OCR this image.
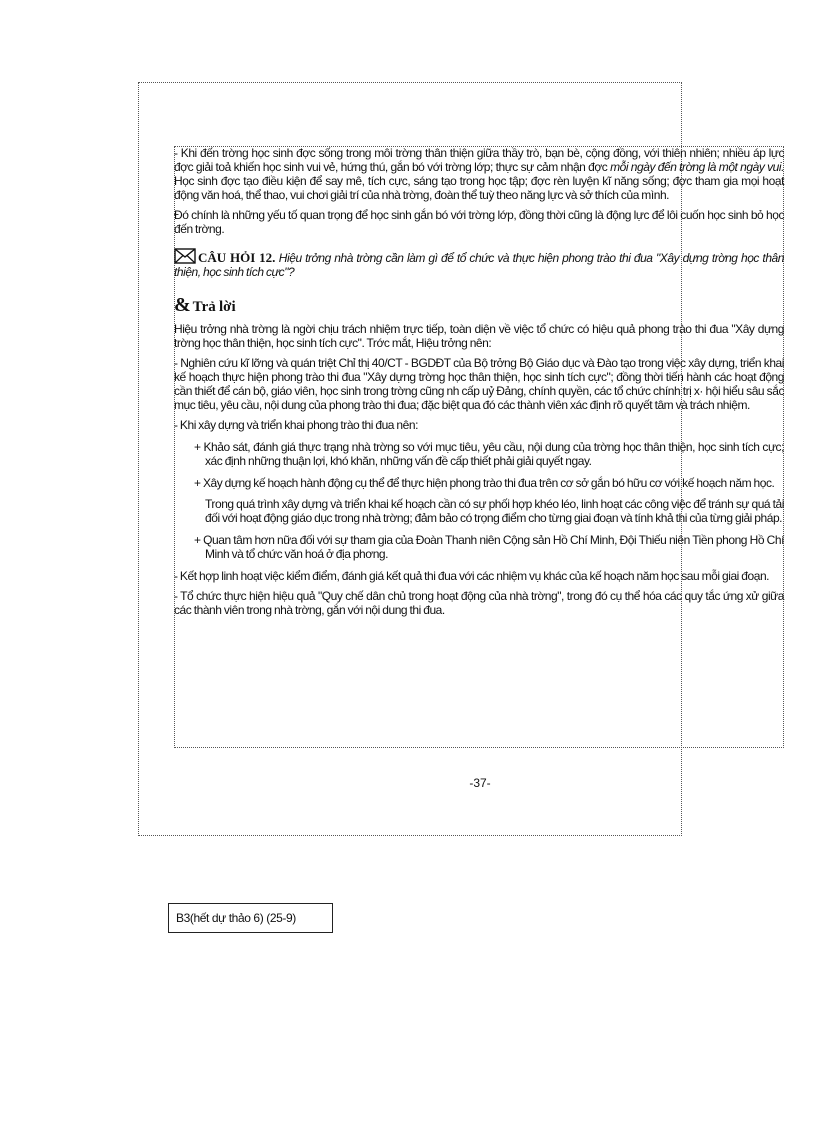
- Khi đến trờng học sinh đợc sống trong môi trờng thân thiện giữa thầy trò, bạn bè, cộng đồng, với thiên nhiên; nhiều áp lực đợc giải toả khiến học sinh vui vẻ, hứng thú, gắn bó với trờng lớp; thực sự cảm nhận đợc mỗi ngày đến trờng là một ngày vui. Học sinh đợc tạo điều kiện để say mê, tích cực, sáng tạo trong học tập; đợc rèn luyện kĩ năng sống; đợc tham gia mọi hoạt động văn hoá, thể thao, vui chơi giải trí của nhà trờng, đoàn thể tuỳ theo năng lực và sở thích của mình.

Đó chính là những yếu tố quan trọng để học sinh gắn bó với trờng lớp, đồng thời cũng là động lực để lôi cuốn học sinh bỏ học đến trờng.

CÂU HỎI 12. Hiệu trởng nhà trờng cần làm gì để tổ chức và thực hiện phong trào thi đua "Xây dựng trờng học thân thiện, học sinh tích cực"?
& Trả lời

Hiệu trởng nhà trờng là ngời chịu trách nhiệm trực tiếp, toàn diện về việc tổ chức có hiệu quả phong trào thi đua "Xây dựng trờng học thân thiện, học sinh tích cực". Trớc mắt, Hiệu trởng nên:

- Nghiên cứu kĩ lỡng và quán triệt Chỉ thị 40/CT - BGDĐT của Bộ trởng Bộ Giáo dục và Đào tạo trong việc xây dựng, triển khai kế hoạch thực hiện phong trào thi đua "Xây dựng trờng học thân thiện, học sinh tích cực"; đồng thời tiến hành các hoạt động cần thiết để cán bộ, giáo viên, học sinh trong trờng cũng nh cấp uỷ Đảng, chính quyền, các tổ chức chính trị x· hội hiểu sâu sắc mục tiêu, yêu cầu, nội dung của phong trào thi đua; đặc biệt qua đó các thành viên xác định rõ quyết tâm và trách nhiệm.

- Khi xây dựng và triển khai phong trào thi đua nên:

+ Khảo sát, đánh giá thực trạng nhà trờng so với mục tiêu, yêu cầu, nội dung của trờng học thân thiện, học sinh tích cực; xác định những thuận lợi, khó khăn, những vấn đề cấp thiết phải giải quyết ngay.

+ Xây dựng kế hoạch hành động cụ thể để thực hiện phong trào thi đua trên cơ sở gắn bó hữu cơ với kế hoạch năm học.

Trong quá trình xây dựng và triển khai kế hoạch cần có sự phối hợp khéo léo, linh hoạt các công việc để tránh sự quá tải đối với hoạt động giáo dục trong nhà trờng; đảm bảo có trọng điểm cho từng giai đoạn và tính khả thi của từng giải pháp.

+ Quan tâm hơn nữa đối với sự tham gia của Đoàn Thanh niên Cộng sản Hồ Chí Minh, Đội Thiếu niên Tiền phong Hồ Chí Minh và tổ chức văn hoá ở địa phơng.

- Kết hợp linh hoạt việc kiểm điểm, đánh giá kết quả thi đua với các nhiệm vụ khác của kế hoạch năm học sau mỗi giai đoạn.

- Tổ chức thực hiện hiệu quả "Quy chế dân chủ trong hoạt động của nhà trờng", trong đó cụ thể hóa các quy tắc ứng xử giữa các thành viên trong nhà trờng, gắn với nội dung thi đua.

-37-
B3(hết dự thảo 6) (25-9)
